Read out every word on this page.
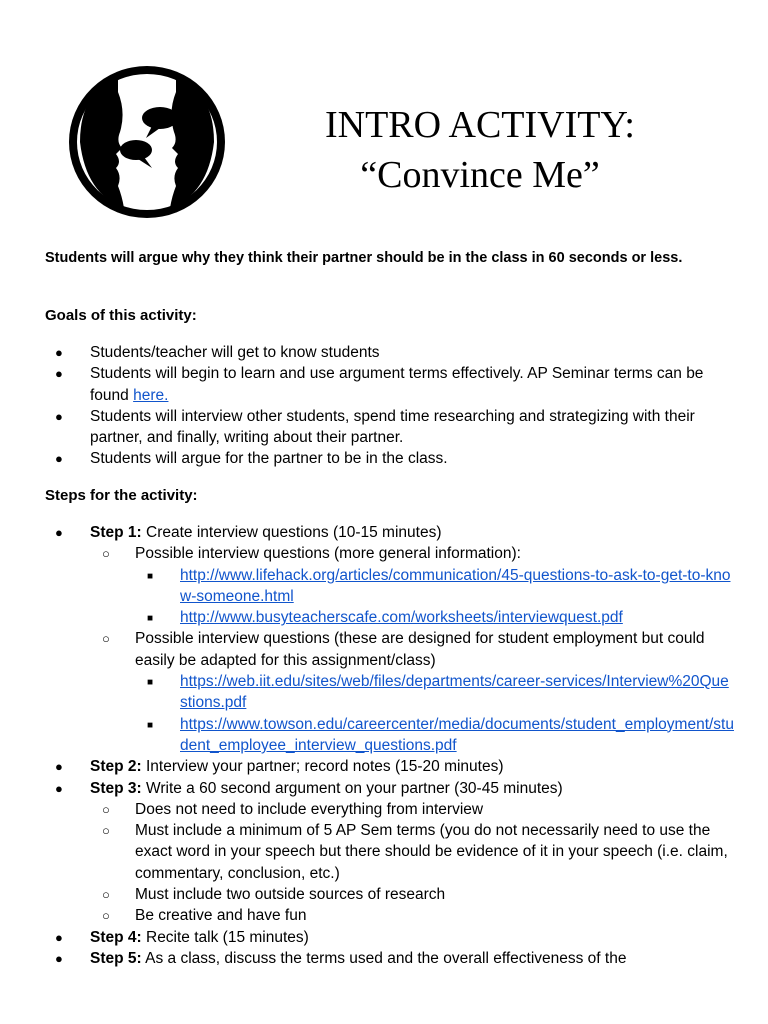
INTRO ACTIVITY:
“Convince Me”
Students will argue why they think their partner should be in the class in 60 seconds or less.
Goals of this activity:
● Students/teacher will get to know students
● Students will begin to learn and use argument terms effectively. AP Seminar terms can be found here.
● Students will interview other students, spend time researching and strategizing with their partner, and finally, writing about their partner.
● Students will argue for the partner to be in the class.
Steps for the activity:
● Step 1: Create interview questions (10-15 minutes)
○ Possible interview questions (more general information):
■ http://www.lifehack.org/articles/communication/45-questions-to-ask-to-get-to-know-someone.html
■ http://www.busyteacherscafe.com/worksheets/interviewquest.pdf
○ Possible interview questions (these are designed for student employment but could easily be adapted for this assignment/class)
■ https://web.iit.edu/sites/web/files/departments/career-services/Interview%20Questions.pdf
■ https://www.towson.edu/careercenter/media/documents/student_employment/student_employee_interview_questions.pdf
● Step 2: Interview your partner; record notes (15-20 minutes)
● Step 3: Write a 60 second argument on your partner (30-45 minutes)
○ Does not need to include everything from interview
○ Must include a minimum of 5 AP Sem terms (you do not necessarily need to use the exact word in your speech but there should be evidence of it in your speech (i.e. claim, commentary, conclusion, etc.)
○ Must include two outside sources of research
○ Be creative and have fun
● Step 4: Recite talk (15 minutes)
● Step 5: As a class, discuss the terms used and the overall effectiveness of the
